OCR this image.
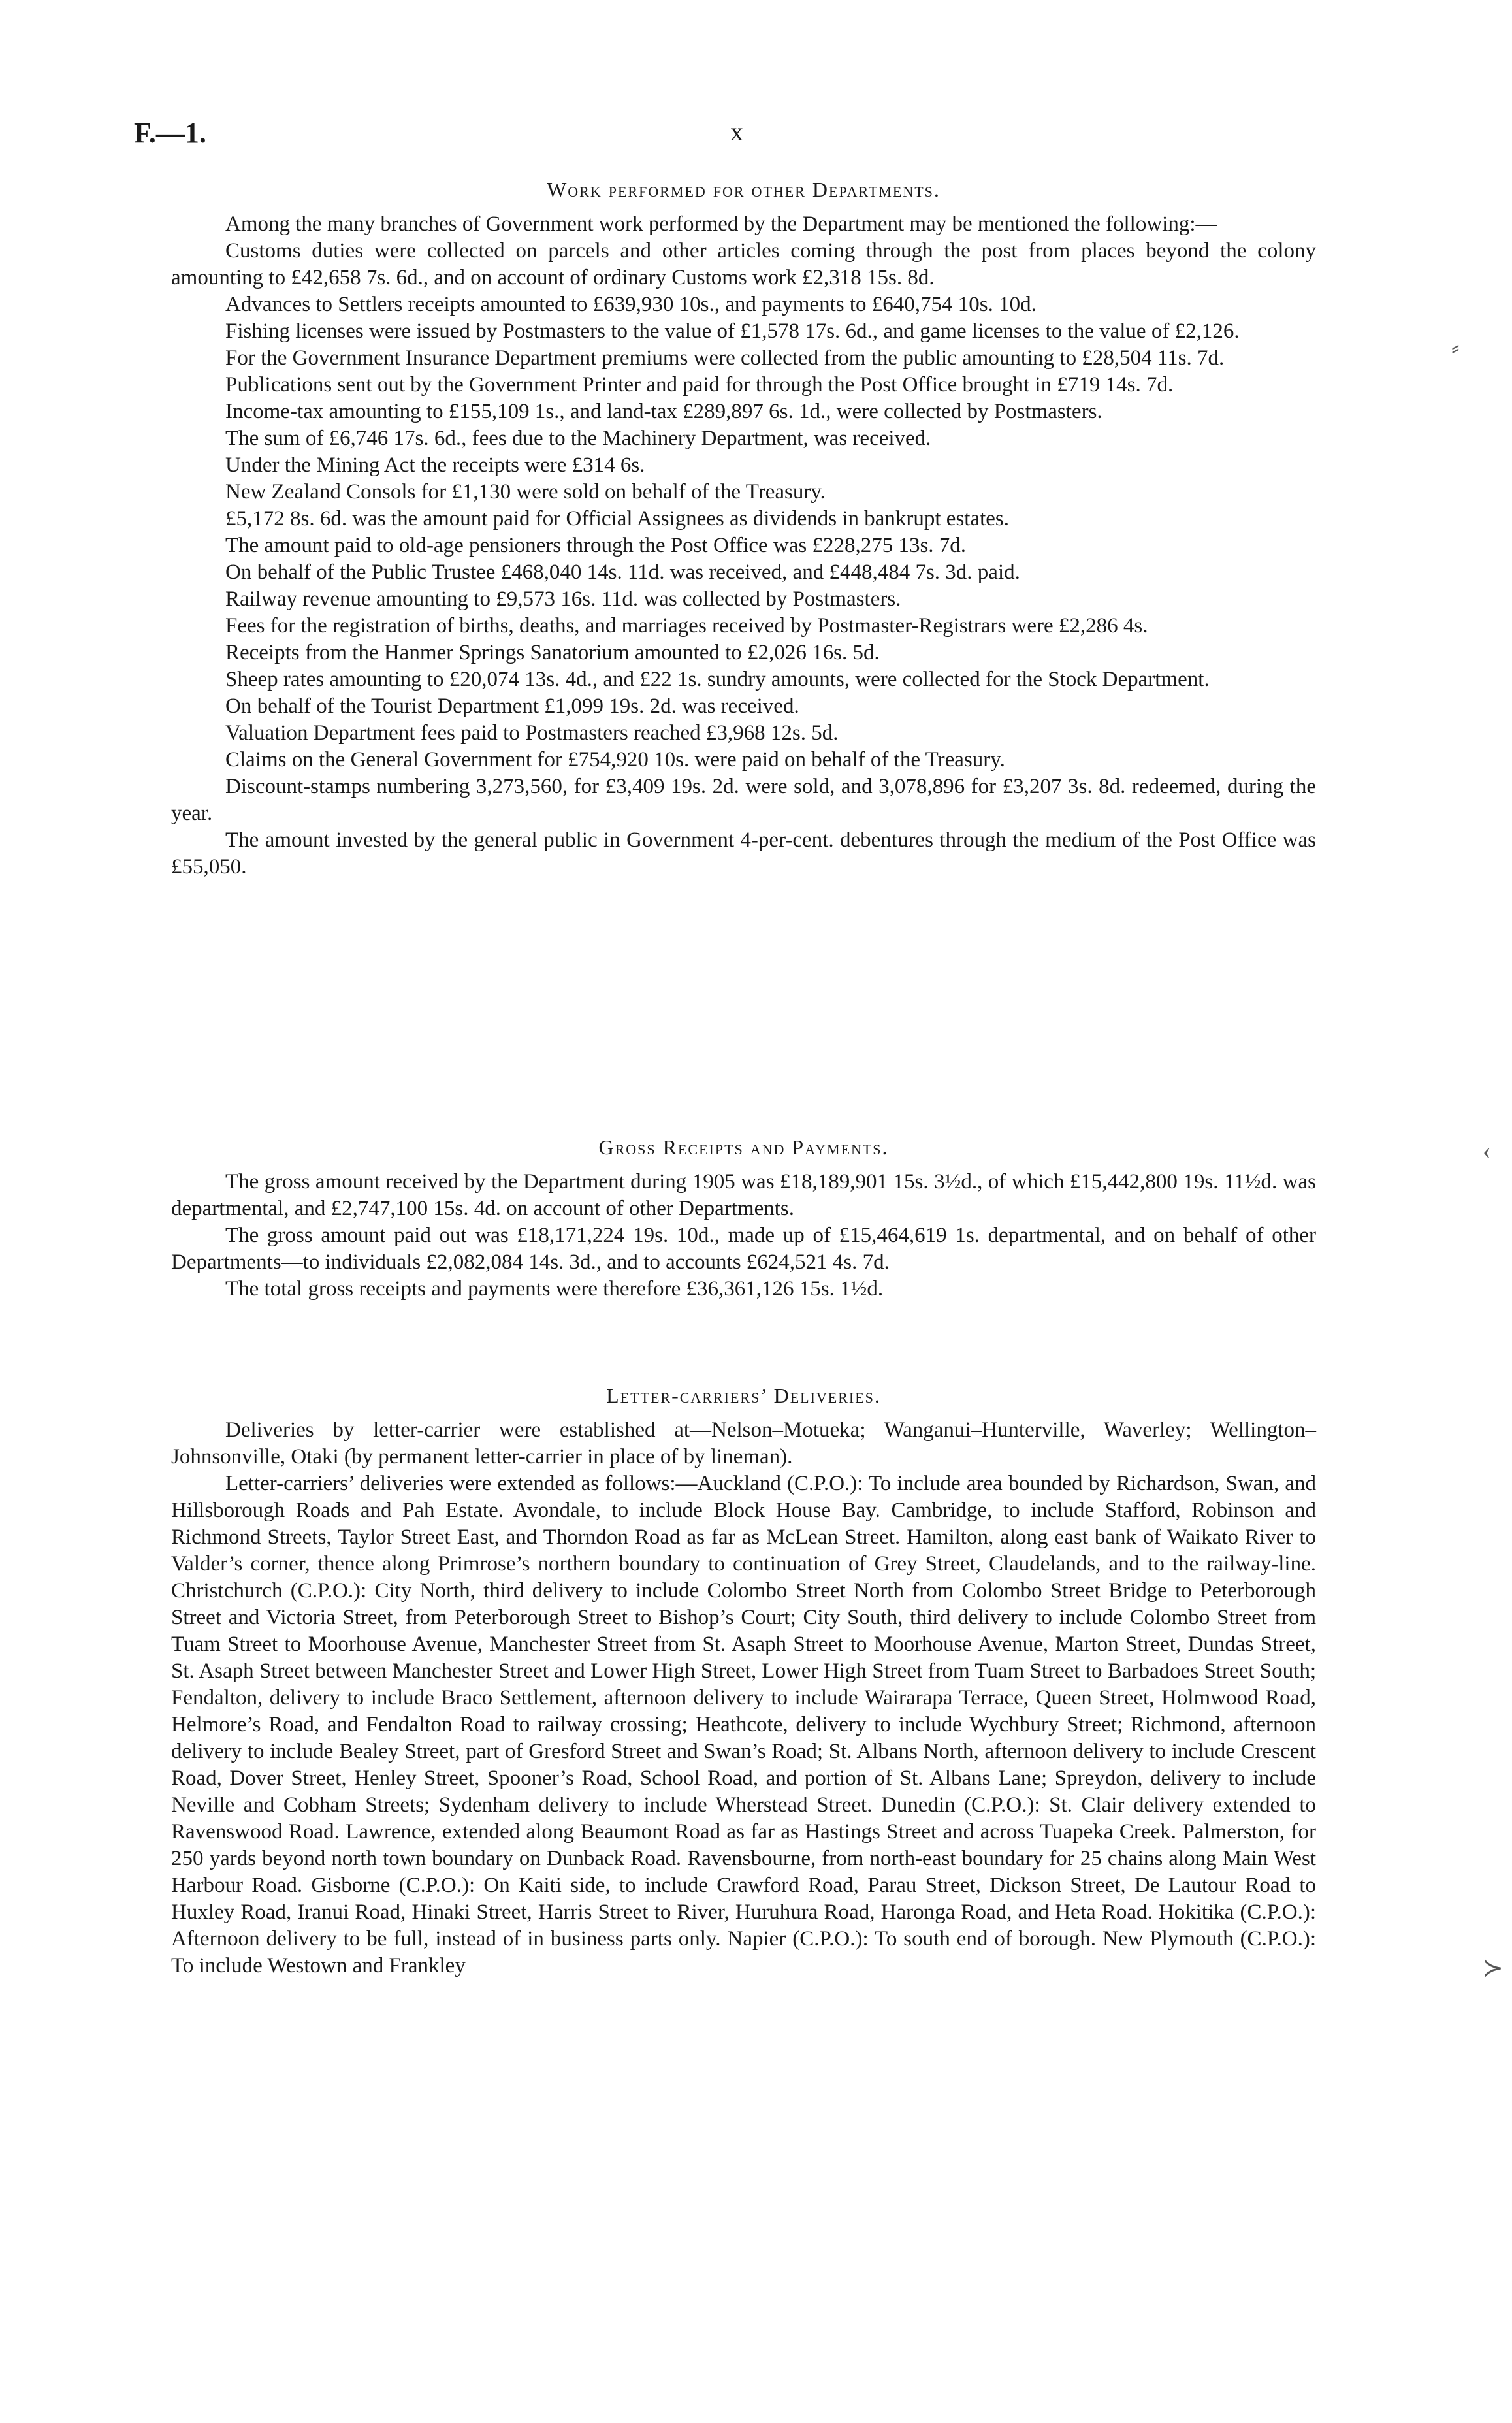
F.—1.	x
Work performed for other Departments.

Among the many branches of Government work performed by the Department may be mentioned the following:—

Customs duties were collected on parcels and other articles coming through the post from places beyond the colony amounting to £42,658 7s. 6d., and on account of ordinary Customs work £2,318 15s. 8d.

Advances to Settlers receipts amounted to £639,930 10s., and payments to £640,754 10s. 10d.

Fishing licenses were issued by Postmasters to the value of £1,578 17s. 6d., and game licenses to the value of £2,126.

For the Government Insurance Department premiums were collected from the public amounting to £28,504 11s. 7d.

Publications sent out by the Government Printer and paid for through the Post Office brought in £719 14s. 7d.

Income-tax amounting to £155,109 1s., and land-tax £289,897 6s. 1d., were collected by Postmasters.

The sum of £6,746 17s. 6d., fees due to the Machinery Department, was received.

Under the Mining Act the receipts were £314 6s.

New Zealand Consols for £1,130 were sold on behalf of the Treasury.

£5,172 8s. 6d. was the amount paid for Official Assignees as dividends in bankrupt estates.

The amount paid to old-age pensioners through the Post Office was £228,275 13s. 7d.

On behalf of the Public Trustee £468,040 14s. 11d. was received, and £448,484 7s. 3d. paid.

Railway revenue amounting to £9,573 16s. 11d. was collected by Postmasters.

Fees for the registration of births, deaths, and marriages received by Postmaster-Registrars were £2,286 4s.

Receipts from the Hanmer Springs Sanatorium amounted to £2,026 16s. 5d.

Sheep rates amounting to £20,074 13s. 4d., and £22 1s. sundry amounts, were collected for the Stock Department.

On behalf of the Tourist Department £1,099 19s. 2d. was received.

Valuation Department fees paid to Postmasters reached £3,968 12s. 5d.

Claims on the General Government for £754,920 10s. were paid on behalf of the Treasury.

Discount-stamps numbering 3,273,560, for £3,409 19s. 2d. were sold, and 3,078,896 for £3,207 3s. 8d. redeemed, during the year.

The amount invested by the general public in Government 4-per-cent. debentures through the medium of the Post Office was £55,050.

Gross Receipts and Payments.

The gross amount received by the Department during 1905 was £18,189,901 15s. 3½d., of which £15,442,800 19s. 11½d. was departmental, and £2,747,100 15s. 4d. on account of other Departments.

The gross amount paid out was £18,171,224 19s. 10d., made up of £15,464,619 1s. departmental, and on behalf of other Departments—to individuals £2,082,084 14s. 3d., and to accounts £624,521 4s. 7d.

The total gross receipts and payments were therefore £36,361,126 15s. 1½d.

Letter-carriers’ Deliveries.

Deliveries by letter-carrier were established at—Nelson–Motueka; Wanganui–Hunterville, Waverley; Wellington–Johnsonville, Otaki (by permanent letter-carrier in place of by lineman).

Letter-carriers’ deliveries were extended as follows:—Auckland (C.P.O.): To include area bounded by Richardson, Swan, and Hillsborough Roads and Pah Estate. Avondale, to include Block House Bay. Cambridge, to include Stafford, Robinson and Richmond Streets, Taylor Street East, and Thorndon Road as far as McLean Street. Hamilton, along east bank of Waikato River to Valder’s corner, thence along Primrose’s northern boundary to continuation of Grey Street, Claudelands, and to the railway-line. Christchurch (C.P.O.): City North, third delivery to include Colombo Street North from Colombo Street Bridge to Peterborough Street and Victoria Street, from Peterborough Street to Bishop’s Court; City South, third delivery to include Colombo Street from Tuam Street to Moorhouse Avenue, Manchester Street from St. Asaph Street to Moorhouse Avenue, Marton Street, Dundas Street, St. Asaph Street between Manchester Street and Lower High Street, Lower High Street from Tuam Street to Barbadoes Street South; Fendalton, delivery to include Braco Settlement, afternoon delivery to include Wairarapa Terrace, Queen Street, Holmwood Road, Helmore’s Road, and Fendalton Road to railway crossing; Heathcote, delivery to include Wychbury Street; Richmond, afternoon delivery to include Bealey Street, part of Gresford Street and Swan’s Road; St. Albans North, afternoon delivery to include Crescent Road, Dover Street, Henley Street, Spooner’s Road, School Road, and portion of St. Albans Lane; Spreydon, delivery to include Neville and Cobham Streets; Sydenham delivery to include Wherstead Street. Dunedin (C.P.O.): St. Clair delivery extended to Ravenswood Road. Lawrence, extended along Beaumont Road as far as Hastings Street and across Tuapeka Creek. Palmerston, for 250 yards beyond north town boundary on Dunback Road. Ravensbourne, from north-east boundary for 25 chains along Main West Harbour Road. Gisborne (C.P.O.): On Kaiti side, to include Crawford Road, Parau Street, Dickson Street, De Lautour Road to Huxley Road, Iranui Road, Hinaki Street, Harris Street to River, Huruhura Road, Haronga Road, and Heta Road. Hokitika (C.P.O.): Afternoon delivery to be full, instead of in business parts only. Napier (C.P.O.): To south end of borough. New Plymouth (C.P.O.): To include Westown and Frankley

⸗
‹
≻
